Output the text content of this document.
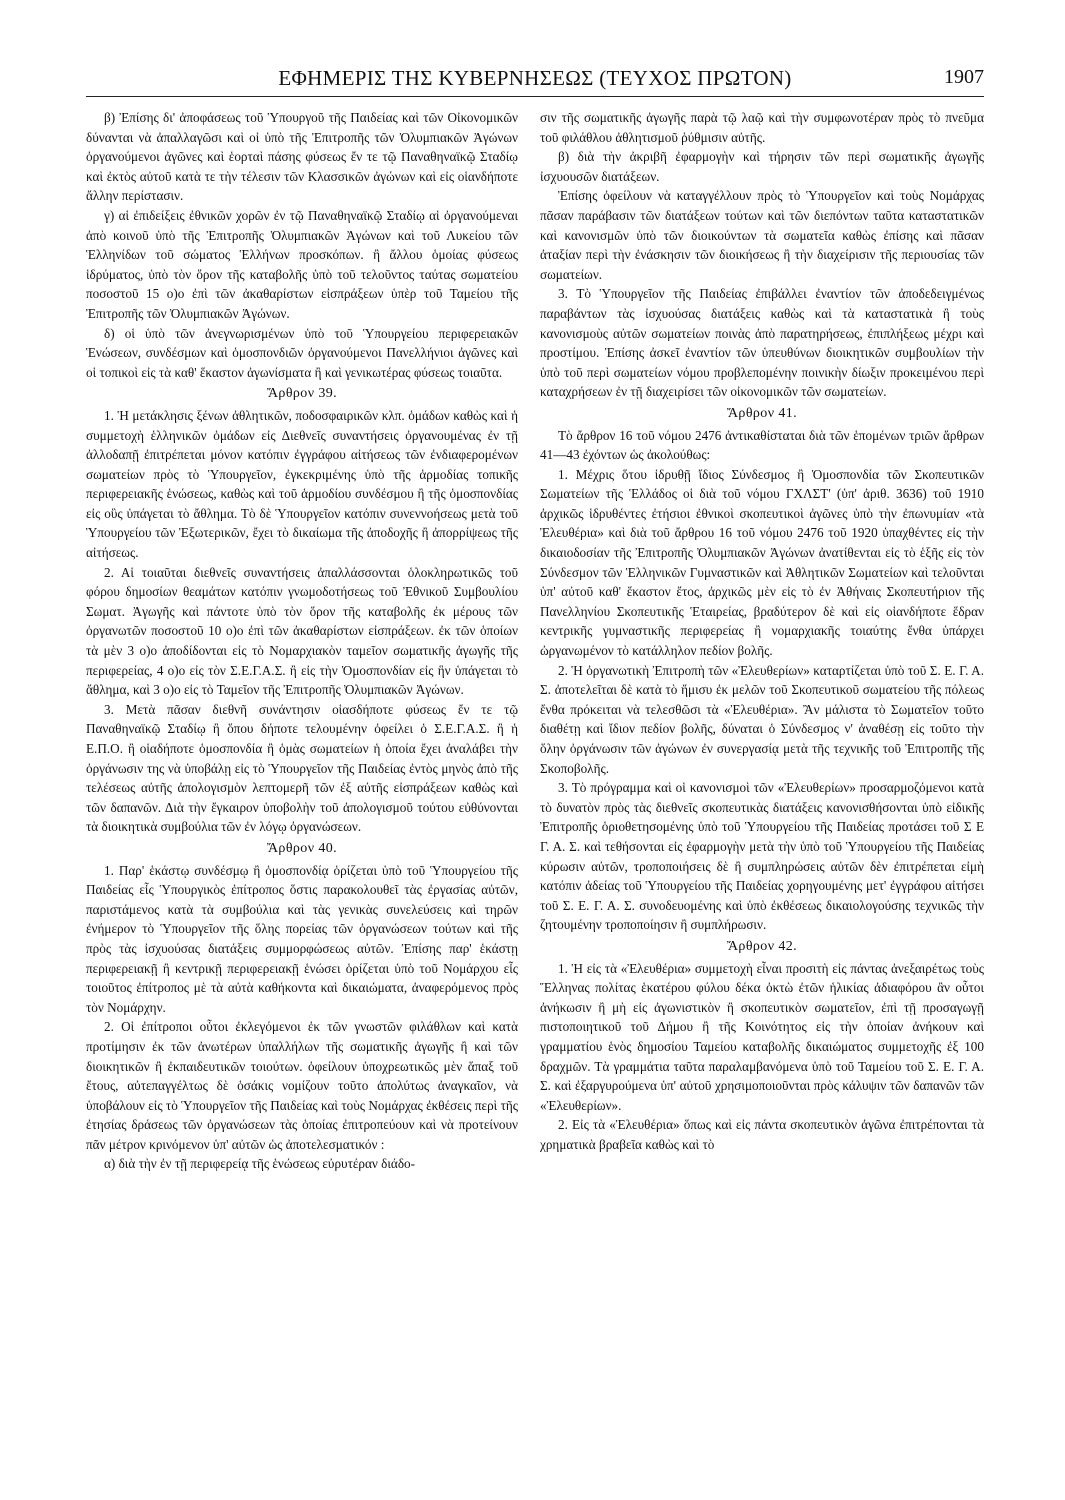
ΕΦΗΜΕΡΙΣ ΤΗΣ ΚΥΒΕΡΝΗΣΕΩΣ (ΤΕΥΧΟΣ ΠΡΩΤΟΝ)	1907

β) Ἐπίσης δι' ἀποφάσεως τοῦ Ὑπουργοῦ τῆς Παιδείας καὶ τῶν Οἰκονομικῶν δύνανται νὰ ἀπαλλαγῶσι καὶ οἱ ὑπὸ τῆς Ἐπιτροπῆς τῶν Ὀλυμπιακῶν Ἀγώνων ὀργανούμενοι ἀγῶνες καὶ ἑορταὶ πάσης φύσεως ἔν τε τῷ Παναθηναϊκῷ Σταδίῳ καὶ ἐκτὸς αὐτοῦ κατὰ τε τὴν τέλεσιν τῶν Κλασσικῶν ἀγώνων καὶ εἰς οἱανδήποτε ἄλλην περίστασιν.

γ) αἱ ἐπιδείξεις ἐθνικῶν χορῶν ἐν τῷ Παναθηναϊκῷ Σταδίῳ αἱ ὀργανούμεναι ἀπὸ κοινοῦ ὑπὸ τῆς Ἐπιτροπῆς Ὀλυμπιακῶν Ἀγώνων καὶ τοῦ Λυκείου τῶν Ἑλληνίδων τοῦ σώματος Ἑλλήνων προσκόπων. ἢ ἄλλου ὁμοίας φύσεως ἱδρύματος, ὑπὸ τὸν ὅρον τῆς καταβολῆς ὑπὸ τοῦ τελοῦντος ταύτας σωματείου ποσοστοῦ 15 ο)ο ἐπὶ τῶν ἀκαθαρίστων εἰσπράξεων ὑπὲρ τοῦ Ταμείου τῆς Ἐπιτροπῆς τῶν Ὀλυμπιακῶν Ἀγώνων.

δ) οἱ ὑπὸ τῶν ἀνεγνωρισμένων ὑπὸ τοῦ Ὑπουργείου περιφερειακῶν Ἑνώσεων, συνδέσμων καὶ ὁμοσπονδιῶν ὀργανούμενοι Πανελλήνιοι ἀγῶνες καὶ οἱ τοπικοὶ εἰς τὰ καθ' ἕκαστον ἀγωνίσματα ἢ καὶ γενικωτέρας φύσεως τοιαῦτα.

Ἄρθρον 39.

1. Ἡ μετάκλησις ξένων ἀθλητικῶν, ποδοσφαιρικῶν κλπ. ὁμάδων καθὼς καὶ ἡ συμμετοχὴ ἑλληνικῶν ὁμάδων εἰς Διεθνεῖς συναντήσεις ὀργανουμένας ἐν τῇ ἀλλοδαπῇ ἐπιτρέπεται μόνον κατόπιν ἐγγράφου αἰτήσεως τῶν ἐνδιαφερομένων σωματείων πρὸς τὸ Ὑπουργεῖον, ἐγκεκριμένης ὑπὸ τῆς ἁρμοδίας τοπικῆς περιφερειακῆς ἑνώσεως, καθὼς καὶ τοῦ ἁρμοδίου συνδέσμου ἢ τῆς ὁμοσπονδίας εἰς οὓς ὑπάγεται τὸ ἄθλημα. Τὸ δὲ Ὑπουργεῖον κατόπιν συνεννοήσεως μετὰ τοῦ Ὑπουργείου τῶν Ἐξωτερικῶν, ἔχει τὸ δικαίωμα τῆς ἀποδοχῆς ἢ ἀπορρίψεως τῆς αἰτήσεως.

2. Αἱ τοιαῦται διεθνεῖς συναντήσεις ἀπαλλάσσονται ὁλοκληρωτικῶς τοῦ φόρου δημοσίων θεαμάτων κατόπιν γνωμοδοτήσεως τοῦ Ἐθνικοῦ Συμβουλίου Σωματ. Ἀγωγῆς καὶ πάντοτε ὑπὸ τὸν ὅρον τῆς καταβολῆς ἐκ μέρους τῶν ὀργανωτῶν ποσοστοῦ 10 ο)ο ἐπὶ τῶν ἀκαθαρίστων εἰσπράξεων. ἐκ τῶν ὁποίων τὰ μὲν 3 ο)ο ἀποδίδονται εἰς τὸ Νομαρχιακὸν ταμεῖον σωματικῆς ἀγωγῆς τῆς περιφερείας, 4 ο)ο εἰς τὸν Σ.Ε.Γ.Α.Σ. ἢ εἰς τὴν Ὁμοσπονδίαν εἰς ἣν ὑπάγεται τὸ ἄθλημα, καὶ 3 ο)ο εἰς τὸ Ταμεῖον τῆς Ἐπιτροπῆς Ὀλυμπιακῶν Ἀγώνων.

3. Μετὰ πᾶσαν διεθνῆ συνάντησιν οἱασδήποτε φύσεως ἔν τε τῷ Παναθηναϊκῷ Σταδίῳ ἢ ὅπου δήποτε τελουμένην ὀφείλει ὁ Σ.Ε.Γ.Α.Σ. ἢ ἡ Ε.Π.Ο. ἢ οἱαδήποτε ὁμοσπονδία ἢ ὁμὰς σωματείων ἡ ὁποία ἔχει ἀναλάβει τὴν ὀργάνωσιν της νὰ ὑποβάλῃ εἰς τὸ Ὑπουργεῖον τῆς Παιδείας ἐντὸς μηνὸς ἀπὸ τῆς τελέσεως αὐτῆς ἀπολογισμὸν λεπτομερῆ τῶν ἐξ αὐτῆς εἰσπράξεων καθὼς καὶ τῶν δαπανῶν. Διὰ τὴν ἔγκαιρον ὑποβολὴν τοῦ ἀπολογισμοῦ τούτου εὐθύνονται τὰ διοικητικὰ συμβούλια τῶν ἐν λόγῳ ὀργανώσεων.

Ἄρθρον 40.

1. Παρ' ἑκάστῳ συνδέσμῳ ἢ ὁμοσπονδίᾳ ὁρίζεται ὑπὸ τοῦ Ὑπουργείου τῆς Παιδείας εἷς Ὑπουργικὸς ἐπίτροπος ὅστις παρακολουθεῖ τὰς ἐργασίας αὐτῶν, παριστάμενος κατὰ τὰ συμβούλια καὶ τὰς γενικὰς συνελεύσεις καὶ τηρῶν ἐνήμερον τὸ Ὑπουργεῖον τῆς ὅλης πορείας τῶν ὀργανώσεων τούτων καὶ τῆς πρὸς τὰς ἰσχυούσας διατάξεις συμμορφώσεως αὐτῶν. Ἐπίσης παρ' ἑκάστῃ περιφερειακῇ ἢ κεντρικῇ περιφερειακῇ ἑνώσει ὁρίζεται ὑπὸ τοῦ Νομάρχου εἷς τοιοῦτος ἐπίτροπος μὲ τὰ αὐτὰ καθήκοντα καὶ δικαιώματα, ἀναφερόμενος πρὸς τὸν Νομάρχην.

2. Οἱ ἐπίτροποι οὗτοι ἐκλεγόμενοι ἐκ τῶν γνωστῶν φιλάθλων καὶ κατὰ προτίμησιν ἐκ τῶν ἀνωτέρων ὑπαλλήλων τῆς σωματικῆς ἀγωγῆς ἢ καὶ τῶν διοικητικῶν ἢ ἐκπαιδευτικῶν τοιούτων. ὀφείλουν ὑποχρεωτικῶς μὲν ἅπαξ τοῦ ἔτους, αὐτεπαγγέλτως δὲ ὁσάκις νομίζουν τοῦτο ἀπολύτως ἀναγκαῖον, νὰ ὑποβάλουν εἰς τὸ Ὑπουργεῖον τῆς Παιδείας καὶ τοὺς Νομάρχας ἐκθέσεις περὶ τῆς ἐτησίας δράσεως τῶν ὀργανώσεων τὰς ὁποίας ἐπιτροπεύουν καὶ νὰ προτείνουν πᾶν μέτρον κρινόμενον ὑπ' αὐτῶν ὡς ἀποτελεσματικόν :

α) διὰ τὴν ἐν τῇ περιφερείᾳ τῆς ἑνώσεως εὐρυτέραν διάδο-

σιν τῆς σωματικῆς ἀγωγῆς παρὰ τῷ λαῷ καὶ τὴν συμφωνοτέραν πρὸς τὸ πνεῦμα τοῦ φιλάθλου ἀθλητισμοῦ ῥύθμισιν αὐτῆς.

β) διὰ τὴν ἀκριβῆ ἐφαρμογὴν καὶ τήρησιν τῶν περὶ σωματικῆς ἀγωγῆς ἰσχυουσῶν διατάξεων.

Ἐπίσης ὀφείλουν νὰ καταγγέλλουν πρὸς τὸ Ὑπουργεῖον καὶ τοὺς Νομάρχας πᾶσαν παράβασιν τῶν διατάξεων τούτων καὶ τῶν διεπόντων ταῦτα καταστατικῶν καὶ κανονισμῶν ὑπὸ τῶν διοικούντων τὰ σωματεῖα καθὼς ἐπίσης καὶ πᾶσαν ἀταξίαν περὶ τὴν ἐνάσκησιν τῶν διοικήσεως ἢ τὴν διαχείρισιν τῆς περιουσίας τῶν σωματείων.

3. Τὸ Ὑπουργεῖον τῆς Παιδείας ἐπιβάλλει ἐναντίον τῶν ἀποδεδειγμένως παραβάντων τὰς ἰσχυούσας διατάξεις καθὼς καὶ τὰ καταστατικὰ ἢ τοὺς κανονισμοὺς αὐτῶν σωματείων ποινὰς ἀπὸ παρατηρήσεως, ἐπιπλήξεως μέχρι καὶ προστίμου. Ἐπίσης ἀσκεῖ ἐναντίον τῶν ὑπευθύνων διοικητικῶν συμβουλίων τὴν ὑπὸ τοῦ περὶ σωματείων νόμου προβλεπομένην ποινικὴν δίωξιν προκειμένου περὶ καταχρήσεων ἐν τῇ διαχειρίσει τῶν οἰκονομικῶν τῶν σωματείων.

Ἄρθρον 41.

Τὸ ἄρθρον 16 τοῦ νόμου 2476 ἀντικαθίσταται διὰ τῶν ἑπομένων τριῶν ἄρθρων 41—43 ἐχόντων ὡς ἀκολούθως:

1. Μέχρις ὅτου ἱδρυθῇ ἴδιος Σύνδεσμος ἢ Ὁμοσπονδία τῶν Σκοπευτικῶν Σωματείων τῆς Ἑλλάδος οἱ διὰ τοῦ νόμου ΓΧΛΣΤ' (ὑπ' ἀριθ. 3636) τοῦ 1910 ἀρχικῶς ἱδρυθέντες ἐτήσιοι ἐθνικοὶ σκοπευτικοὶ ἀγῶνες ὑπὸ τὴν ἐπωνυμίαν «τὰ Ἐλευθέρια» καὶ διὰ τοῦ ἄρθρου 16 τοῦ νόμου 2476 τοῦ 1920 ὑπαχθέντες εἰς τὴν δικαιοδοσίαν τῆς Ἐπιτροπῆς Ὀλυμπιακῶν Ἀγώνων ἀνατίθενται εἰς τὸ ἑξῆς εἰς τὸν Σύνδεσμον τῶν Ἑλληνικῶν Γυμναστικῶν καὶ Ἀθλητικῶν Σωματείων καὶ τελοῦνται ὑπ' αὐτοῦ καθ' ἕκαστον ἔτος, ἀρχικῶς μὲν εἰς τὸ ἐν Ἀθήναις Σκοπευτήριον τῆς Πανελληνίου Σκοπευτικῆς Ἑταιρείας, βραδύτερον δὲ καὶ εἰς οἱανδήποτε ἕδραν κεντρικῆς γυμναστικῆς περιφερείας ἢ νομαρχιακῆς τοιαύτης ἔνθα ὑπάρχει ὠργανωμένον τὸ κατάλληλον πεδίον βολῆς.

2. Ἡ ὀργανωτικὴ Ἐπιτροπὴ τῶν «Ἐλευθερίων» καταρτίζεται ὑπὸ τοῦ Σ. Ε. Γ. Α. Σ. ἀποτελεῖται δὲ κατὰ τὸ ἥμισυ ἐκ μελῶν τοῦ Σκοπευτικοῦ σωματείου τῆς πόλεως ἔνθα πρόκειται νὰ τελεσθῶσι τὰ «Ἐλευθέρια». Ἂν μάλιστα τὸ Σωματεῖον τοῦτο διαθέτῃ καὶ ἴδιον πεδίον βολῆς, δύναται ὁ Σύνδεσμος ν' ἀναθέσῃ εἰς τοῦτο τὴν ὅλην ὀργάνωσιν τῶν ἀγώνων ἐν συνεργασίᾳ μετὰ τῆς τεχνικῆς τοῦ Ἐπιτροπῆς τῆς Σκοποβολῆς.

3. Τὸ πρόγραμμα καὶ οἱ κανονισμοὶ τῶν «Ἐλευθερίων» προσαρμοζόμενοι κατὰ τὸ δυνατὸν πρὸς τὰς διεθνεῖς σκοπευτικὰς διατάξεις κανονισθήσονται ὑπὸ εἰδικῆς Ἐπιτροπῆς ὁριοθετησομένης ὑπὸ τοῦ Ὑπουργείου τῆς Παιδείας προτάσει τοῦ Σ Ε Γ. Α. Σ. καὶ τεθήσονται εἰς ἐφαρμογὴν μετὰ τὴν ὑπὸ τοῦ Ὑπουργείου τῆς Παιδείας κύρωσιν αὐτῶν, τροποποιήσεις δὲ ἢ συμπληρώσεις αὐτῶν δὲν ἐπιτρέπεται εἰμὴ κατόπιν ἀδείας τοῦ Ὑπουργείου τῆς Παιδείας χορηγουμένης μετ' ἐγγράφου αἰτήσει τοῦ Σ. Ε. Γ. Α. Σ. συνοδευομένης καὶ ὑπὸ ἐκθέσεως δικαιολογούσης τεχνικῶς τὴν ζητουμένην τροποποίησιν ἢ συμπλήρωσιν.

Ἄρθρον 42.

1. Ἡ εἰς τὰ «Ἐλευθέρια» συμμετοχὴ εἶναι προσιτὴ εἰς πάντας ἀνεξαιρέτως τοὺς Ἕλληνας πολίτας ἑκατέρου φύλου δέκα ὀκτὼ ἐτῶν ἡλικίας ἀδιαφόρου ἂν οὗτοι ἀνήκωσιν ἢ μὴ εἰς ἀγωνιστικὸν ἢ σκοπευτικὸν σωματεῖον, ἐπὶ τῇ προσαγωγῇ πιστοποιητικοῦ τοῦ Δήμου ἢ τῆς Κοινότητος εἰς τὴν ὁποίαν ἀνήκουν καὶ γραμματίου ἑνὸς δημοσίου Ταμείου καταβολῆς δικαιώματος συμμετοχῆς ἐξ 100 δραχμῶν. Τὰ γραμμάτια ταῦτα παραλαμβανόμενα ὑπὸ τοῦ Ταμείου τοῦ Σ. Ε. Γ. Α. Σ. καὶ ἐξαργυρούμενα ὑπ' αὐτοῦ χρησιμοποιοῦνται πρὸς κάλυψιν τῶν δαπανῶν τῶν «Ἐλευθερίων».

2. Εἰς τὰ «Ἐλευθέρια» ὅπως καὶ εἰς πάντα σκοπευτικὸν ἀγῶνα ἐπιτρέπονται τὰ χρηματικὰ βραβεῖα καθὼς καὶ τὸ
